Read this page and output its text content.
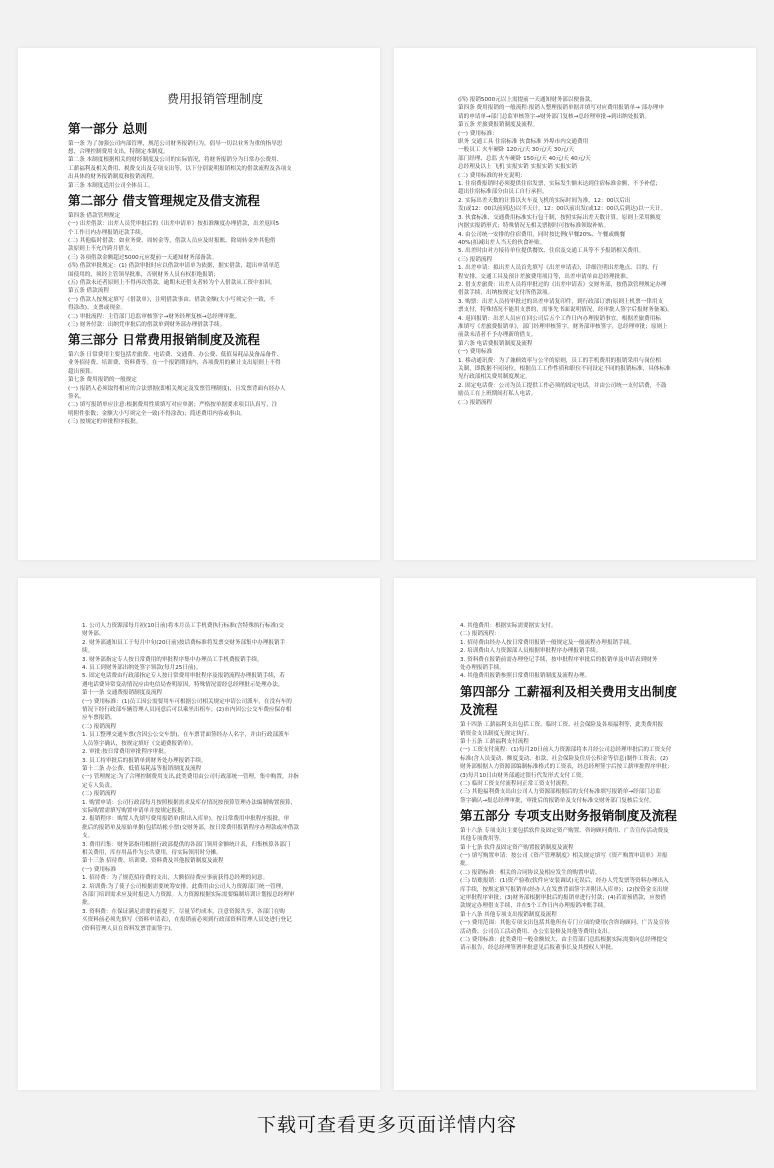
费用报销管理制度
第一部分 总则
第一条 为了加强公司内部管理，规范公司财务报销行为，倡导一切以业务为重的指导思
想，合理控制费用支出，特制定本制度。
第二条 本制度根据相关的财经制度及公司的实际情况，将财务报销分为日常办公费用、
工薪福利及相关费用、税费支出及专项支出等，以下分别说明报销相关的借款流程及各项支
出具体的财务报销制度和报销流程。
第三条 本制度适用公司全体员工。
第二部分 借支管理规定及借支流程
第四条 借款管理规定
(一) 出差借款：出差人员凭审批后的《出差申请单》按扣准额度办理借款，出差返回5
个工作日内办理报销还款手续。
(二) 其他临时借款：如业务费、周转金等，借款人员应及时报账，除周转金外其他借
款原则上不允许跨月借支。
(三) 各项借款金额超过5000元应提前一天通知财务部备款。
(四) 借款审批规定：(1) 借款审批时应以借款申请单为依据，据实借款，超出申请单范
围使用的，须经主管领导批准，否则财务人员有权拒绝报销；
(五) 借款未还者原则上不得再次借款，逾期未还借支者转为个人借款从工资中扣回。
第五条 借款流程
(一) 借款人按规定填写《借款单》，注明借款事由、借款金额(大小写须完全一致，不
得涂改)、支票或现金。
(二) 审批流程：主管部门总监审核签字→财务经理复核→总经理审批。
(三) 财务付款：出纳凭审批后的借款单到财务部办理借款手续。
第三部分 日常费用报销制度及流程
第六条 日常费用主要包括差旅费、电话费、交通费、办公费、低值易耗品及备品备件、
业务招待费、培训费、资料费等。在一个报销期间内，各项费用的累计支出原则上不得
超出预算。
第七条 费用报销的一般规定
(一) 报销人必须取得相应的合法票据(即相关规定及发票管理制度)，且发票背面有经办人
签名。
(二) 填写报销单应注意:根据费用性质填写对应单据；严格按单据要求项目认真写，注
明附件张数；金额大小写须完全一致(不得涂改)；简述费用内容或事由。
(三) 按规定的审批程序报批。
(四) 报销5000元以上需提前一天通知财务部以便备款。
第四条 费用报销的一般流程:报销人整理报销单据并填写对应费用报销单→ 部办理申
请的申请单→部门总监审核签字→财务部门复核→总经理审批→到出纳处报销。
第五条 差旅费报销制度及流程。
(一) 费用标准：
职务 交通工具 住宿标准 伙食标准 外埠市内交通费用
一般员工 火车硬卧 120元/天 30元/天 30元/天
部门经理、总监 火车硬卧 150元/天 40元/天 40元/天
总经理及以上 飞机 实报实销 实报实销 实报实销
(二) 费用标准的补充说明：
1. 住宿费报销时必须提供住宿发票，实际发生额未达到住宿标准金额，不予补偿；
超出住宿标准部分由员工自行承担。
2. 实际出差天数的计算以火车及飞机的实际时间为准，12：00以后出
发(或12：00以前到达)以半天计，12：00以前出发(或12：00以后到达)以一天计。
3. 伙食标准、交通费用标准实行包干制，按照实际出差天数计算，原则上采用额度
内据实报销形式；特殊情况无相关票据时可按标准领取补贴。
4. 由公司统一安排的住宿费用，同时按比例(早餐20%、午餐或晚餐
40%)扣减出差人当天的伙食补贴。
5. 出差时由对方接待单位提供餐饮、住宿及交通工具等不予报销相关费用。
(三) 报销流程
1. 出差申请：拟出差人员首先填写《出差申请表》，详细注明出差地点、目的、行
程安排、交通工具及预计差旅费用项目等，出差申请单由总经理批准。
2. 借支差旅费：出差人员将审批过的《出差申请表》交财务部，按借款管理规定办理
借款手续，出纳按规定支付所借款项。
3. 购票：出差人员持审批过的出差申请复印件，到行政部订票(原则上机票一律用支
票支付，特殊情况不能用支票的，需事先书面说明情况，经审批人签字后报财务备案)。
4. 返回报销：出差人员应在回公司后五个工作日内办理报销事宜，根据差旅费用标
准填写《差旅费报销单》，部门经理审核签字，财务部审核签字，总经理审批；原则上
前款未清者不予办理新的借支。
第六条 电话费报销制度及流程
(一) 费用标准
1. 移动通讯费：为了兼顾效率与公平的原则，员工的手机费用的报销采用与岗位相
关制，即拨据不同岗位，根据员工工作性质和职位不同设定不同的报销标准，具体标准
见行政部相关费用制度规定。
2. 固定电话费：公司为员工提供工作必须的固定电话，并由公司统一支付话费，不鼓
励员工在上班期间打私人电话。
(二) 报销流程
1. 公司人力资源部每月初(10日前)将本月员工手机费执行标准(含特殊执行标准)交
财务部。
2. 财务部通知员工于每月中旬(20日前)按话费标准将发票交财务部集中办理报销手
续。
3. 财务部指定专人按日常费用的审批程序集中办理员工手机费报销手续。
4. 员工到财务部出纳处签字领款(每月25日前)。
5. 固定电话费由行政部指定专人按日常费用审批程序及报销流程办理报销手续，若
遇电话费异常变动情况应由电信局查明原因，特殊情况需经总经理批示处理办法。
第十一条 交通费报销制度及流程
(一) 费用标准：(1)员工因公需要用车可根据公司相关规定申请公司派车，在没有车的
情况下经行政部车辆管理人员同意后可以乘坐出租车；(2)市内因公公交车费应保存相
应车票报销。
(二) 报销流程
1. 员工整理交通车票(含因公公交车票)，在车票背面签经办人名字，并由行政部派车
人员签字确认，按规定填好《交通费报销单》。
2. 审批:按日常费用审批程序审批。
3. 员工持审批后的报销单到财务处办理报销手续。
第十二条 办公费、低值易耗品等报销制度及流程
(一) 管理规定:为了合理控制费用支出,此类费用由公司行政部统一管理，集中购置，并指
定专人负责。
(二) 报销流程
1. 购置申请：公司行政部每月按照根据需求及库存情况按预算管理办法编制购置预算，
实际购置需填写购置申请单并按规定报批。
2. 报销程序：购置人先填写费用报销单(附出入库单)，按日常费用申批程序报批，审
批后的报销单及原始单据(包括结帐小票)交财务部，按日常费用报销程序办理款或冲借款
支。
3. 费用归集：财务部指用根据行政部提供的各部门领用金额统计表，归集核算各部门
相关费用，库存用品作为公共费用，待实际领用时分摊。
第十三条 招待费、培训费、资料费及其他报销制度及流程
(一) 费用标准
1. 招待费：为了规范招待费的支出，大额招待费应事前获得总经理的同意。
2. 培训费:为了使子公司根据需要统筹安排，此费用由公司人力资源部门统一管理，
各部门培训需求应及时报送人力资源。人力资源根据实际需要编制培训计划报总经理审
批。
3. 资料费：在保证满足需要的前提下，尽量节约成本，注意资源共享，各部门在购
买资料前必须先填写《资料申请表》，在报销前必须到行政部资料管理人员处进行登记
(资料管理人员在资料发票背面签字)。
4. 其他费用：根据实际需要据实支付。
(二) 报销流程：
1. 招待费由经办人按日常费用报销一般规定及一般流程办理报销手续。
2. 培训费由人力资源部人员根据审批程序办理报销手续。
3. 资料费在报销前需办理登记手续，按申批程序审批后的报销单及申请表到财务
处办理报销手续。
4. 其他费用报销参照日常费用报销制度及流程办理。
第四部分 工薪福利及相关费用支出制度
及流程
第十四条 工薪福利支出包括工资、临时工资、社会保险及各项福利等，此类费用报
销资金支出制度无规定执行。
第十五条 工薪福利支付流程
(一) 工资支付流程：(1)每月20日前人力资源部将本月经公司总经理审批后的工资支付
标准(含人员变动、额度变动、扣款、社会保险及住房公积金等信息)制作工资表；(2)
财务部根据人力资源部编制标准格式的工资表，经总经理签字后按工薪审批程序审批；
(3)每月10日由财务部通过银行代发形式支付工资。
(二) 临时工资支付流程同正常工资支付流程。
(三) 其他福利费支出由公司人力资源部根据后的支付标准填写报销单→经部门总监
签字确认→报总经理审批，审批后的报销单及支付标准交财务部门复核后支付。
第五部分 专项支出财务报销制度及流程
第十六条 专项支出主要包括软件及固定资产购置、咨询顾问费用、广告宣传活动费及
其他专项费用等。
第十七条 软件及固定资产购置报销制度及流程
(一) 填写购置申请：按公司《资产管理制度》相关规定填写《资产购置申请单》并报
批。
(二) 报销标准：相关的合同协议及相应发生的购置申请。
(三) 结账报销：(1)资产验收(软件应安装调试)无误后，经办人凭发票等资料办理出入
库手续，按规定填写报销单(经办人在发票背面签字并附出入库单)；(2)按资金支出规
定审批程序审批；(3)财务部根据审批后的报销单进行付款；(4)若需预借款，应按借
款规定办理借支手续，并在5个工作日内办理报销冲账手续。
第十八条 其他专项支出报销制度及流程
(一) 费用范围：其他专项支出包括其他所有专门立项的费用(含咨询顾问、广告及宣传
活动费、公司员工活动费用、办公室装修及其他等费用)支出。
(二) 费用标准：此类费用一般金额较大，由主管部门总监根据实际需要向总经理提交
请示报告，经总经理签署审批意见后报董事长及其授权人审批。
下载可查看更多页面详情内容
